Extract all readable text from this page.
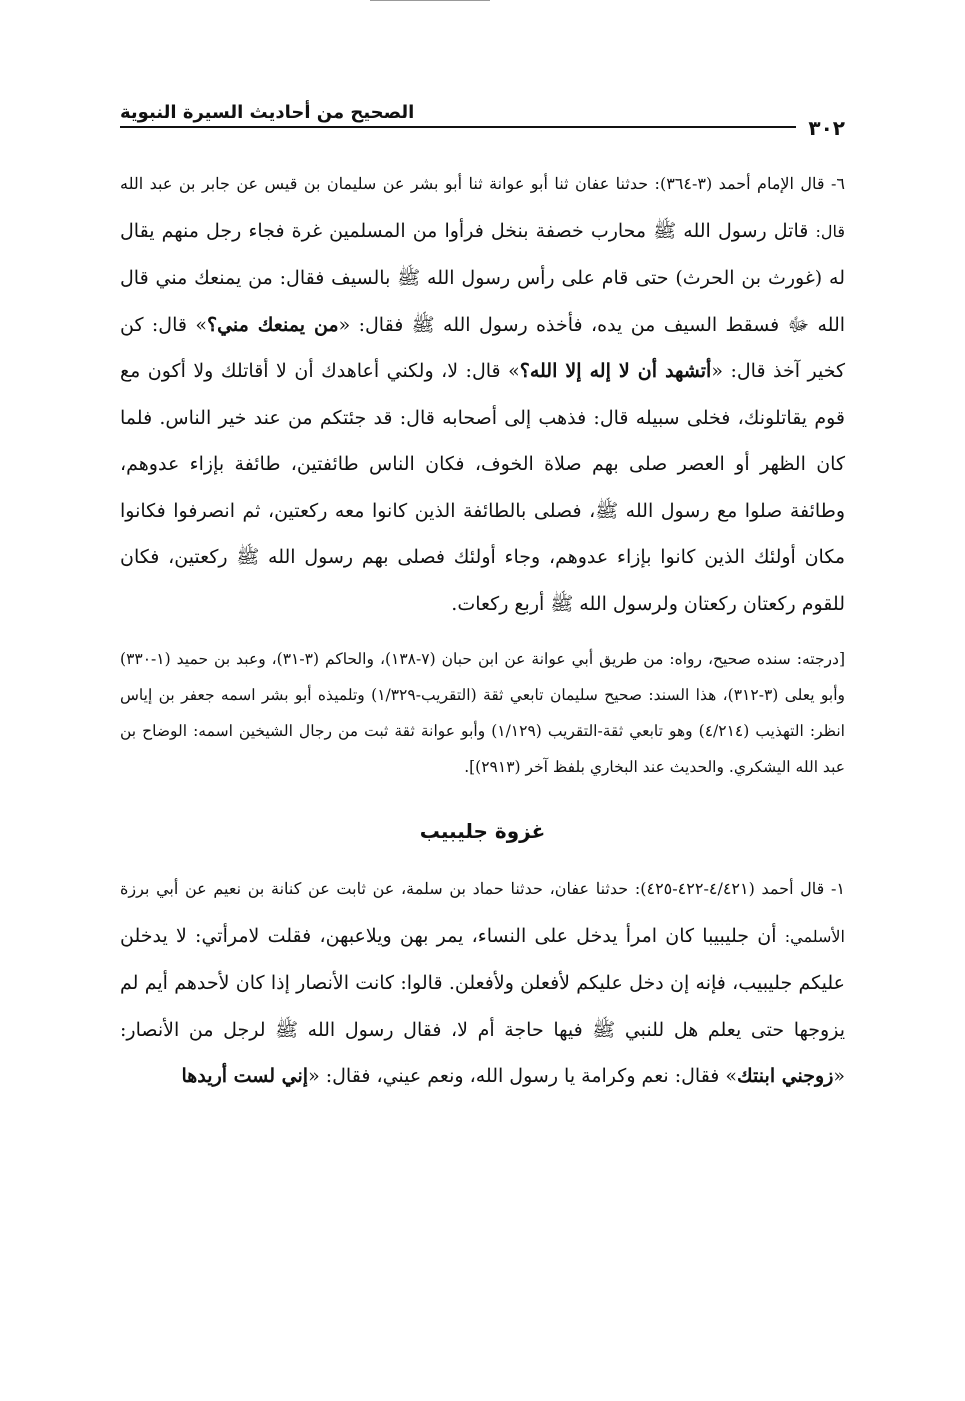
الصحيح من أحاديث السيرة النبوية
٣٠٢

٦- قال الإمام أحمد (٣-٣٦٤): حدثنا عفان ثنا أبو عوانة ثنا أبو بشر عن سليمان بن قيس عن جابر بن عبد الله قال: قاتل رسول الله ﷺ محارب خصفة بنخل فرأوا من المسلمين غرة فجاء رجل منهم يقال له (غورث بن الحرث) حتى قام على رأس رسول الله ﷺ بالسيف فقال: من يمنعك مني قال الله ﷻ فسقط السيف من يده، فأخذه رسول الله ﷺ فقال: «من يمنعك مني؟» قال: كن كخير آخذ قال: «أتشهد أن لا إله إلا الله؟» قال: لا، ولكني أعاهدك أن لا أقاتلك ولا أكون مع قوم يقاتلونك، فخلى سبيله قال: فذهب إلى أصحابه قال: قد جئتكم من عند خير الناس. فلما كان الظهر أو العصر صلى بهم صلاة الخوف، فكان الناس طائفتين، طائفة بإزاء عدوهم، وطائفة صلوا مع رسول الله ﷺ، فصلى بالطائفة الذين كانوا معه ركعتين، ثم انصرفوا فكانوا مكان أولئك الذين كانوا بإزاء عدوهم، وجاء أولئك فصلى بهم رسول الله ﷺ ركعتين، فكان للقوم ركعتان ركعتان ولرسول الله ﷺ أربع ركعات.

[درجته: سنده صحيح، رواه: من طريق أبي عوانة عن ابن حبان (٧-١٣٨)، والحاكم (٣-٣١)، وعبد بن حميد (١-٣٣٠) وأبو يعلى (٣-٣١٢)، هذا السند: صحيح سليمان تابعي ثقة (التقريب-١/٣٢٩) وتلميذه أبو بشر اسمه جعفر بن إياس انظر: التهذيب (٤/٢١٤) وهو تابعي ثقة-التقريب (١/١٢٩) وأبو عوانة ثقة ثبت من رجال الشيخين اسمه: الوضاح بن عبد الله اليشكري. والحديث عند البخاري بلفظ آخر (٢٩١٣)].

غزوة جليبيب

١- قال أحمد (٤/٤٢١-٤٢٢-٤٢٥): حدثنا عفان، حدثنا حماد بن سلمة، عن ثابت عن كنانة بن نعيم عن أبي برزة الأسلمي: أن جليبيبا كان امرأ يدخل على النساء، يمر بهن ويلاعبهن، فقلت لامرأتي: لا يدخلن عليكم جليبيب، فإنه إن دخل عليكم لأفعلن ولأفعلن. قالوا: كانت الأنصار إذا كان لأحدهم أيم لم يزوجها حتى يعلم هل للنبي ﷺ فيها حاجة أم لا، فقال رسول الله ﷺ لرجل من الأنصار: «زوجني ابنتك» فقال: نعم وكرامة يا رسول الله، ونعم عيني، فقال: «إني لست أريدها
